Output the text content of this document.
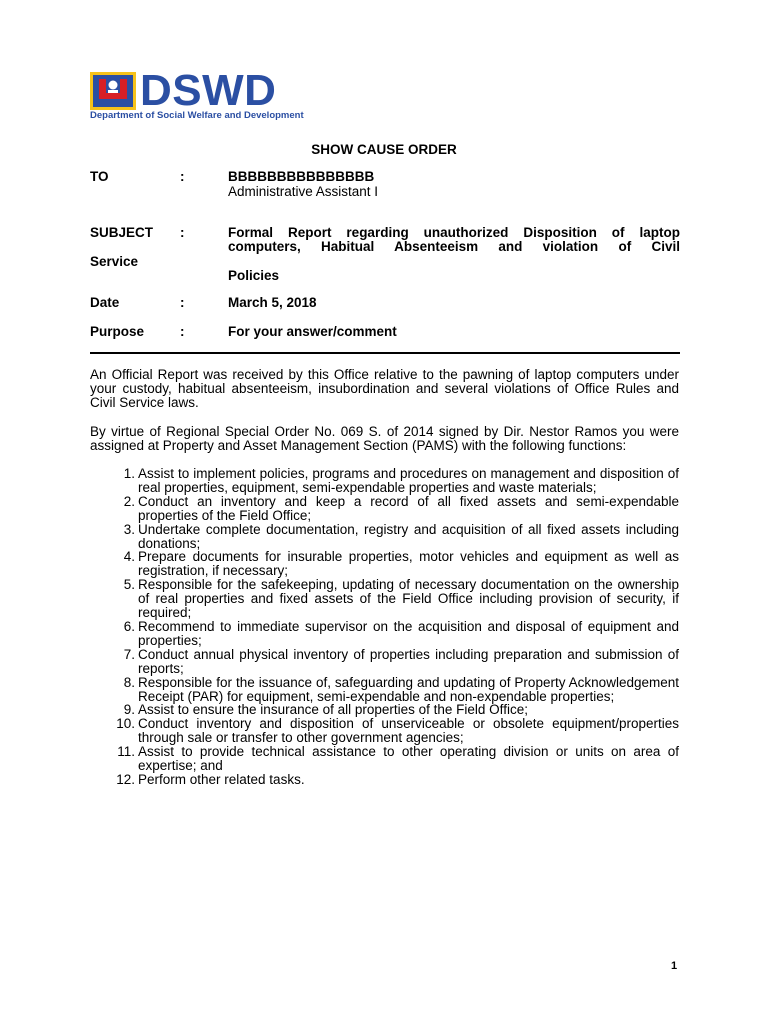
DSWD
Department of Social Welfare and Development
SHOW CAUSE ORDER
TO	:	BBBBBBBBBBBBBBB
Administrative Assistant I
SUBJECT :	Formal Report regarding unauthorized Disposition of laptop
computers, Habitual Absenteeism and violation of Civil
Service
Policies
Date	:	March 5, 2018
Purpose	:	For your answer/comment
An Official Report was received by this Office relative to the pawning of laptop computers under your custody, habitual absenteeism, insubordination and several violations of Office Rules and Civil Service laws.
By virtue of Regional Special Order No. 069 S. of 2014 signed by Dir. Nestor Ramos you were assigned at Property and Asset Management Section (PAMS) with the following functions:
1. Assist to implement policies, programs and procedures on management and disposition of real properties, equipment, semi-expendable properties and waste materials;
2. Conduct an inventory and keep a record of all fixed assets and semi-expendable properties of the Field Office;
3. Undertake complete documentation, registry and acquisition of all fixed assets including donations;
4. Prepare documents for insurable properties, motor vehicles and equipment as well as registration, if necessary;
5. Responsible for the safekeeping, updating of necessary documentation on the ownership of real properties and fixed assets of the Field Office including provision of security, if required;
6. Recommend to immediate supervisor on the acquisition and disposal of equipment and properties;
7. Conduct annual physical inventory of properties including preparation and submission of reports;
8. Responsible for the issuance of, safeguarding and updating of Property Acknowledgement Receipt (PAR) for equipment, semi-expendable and non-expendable properties;
9. Assist to ensure the insurance of all properties of the Field Office;
10. Conduct inventory and disposition of unserviceable or obsolete equipment/properties through sale or transfer to other government agencies;
11. Assist to provide technical assistance to other operating division or units on area of expertise; and
12. Perform other related tasks.
1
